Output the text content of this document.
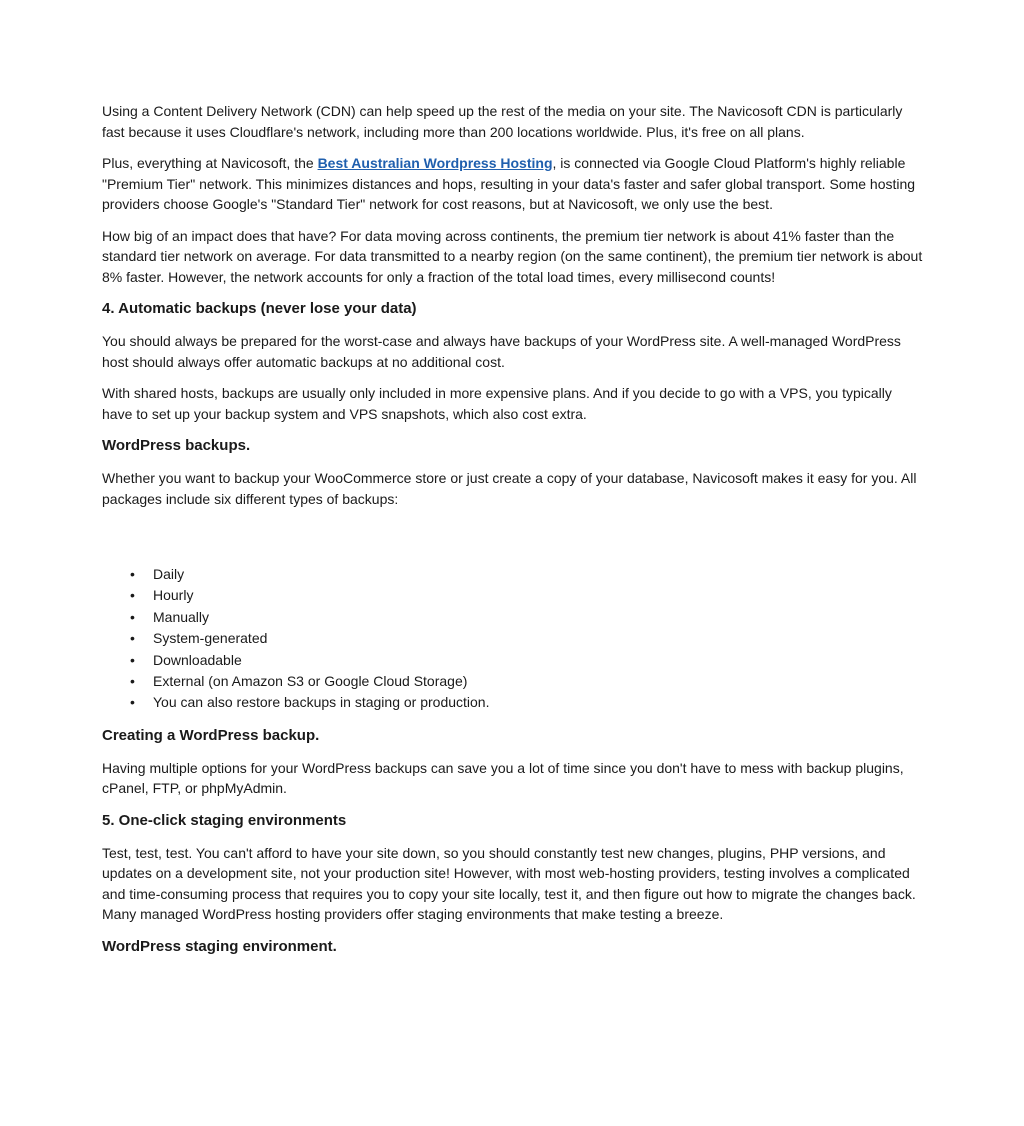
Using a Content Delivery Network (CDN) can help speed up the rest of the media on your site. The Navicosoft CDN is particularly fast because it uses Cloudflare's network, including more than 200 locations worldwide. Plus, it's free on all plans.

Plus, everything at Navicosoft, the Best Australian Wordpress Hosting, is connected via Google Cloud Platform's highly reliable "Premium Tier" network. This minimizes distances and hops, resulting in your data's faster and safer global transport. Some hosting providers choose Google's "Standard Tier" network for cost reasons, but at Navicosoft, we only use the best.

How big of an impact does that have? For data moving across continents, the premium tier network is about 41% faster than the standard tier network on average. For data transmitted to a nearby region (on the same continent), the premium tier network is about 8% faster. However, the network accounts for only a fraction of the total load times, every millisecond counts!

4. Automatic backups (never lose your data)

You should always be prepared for the worst-case and always have backups of your WordPress site. A well-managed WordPress host should always offer automatic backups at no additional cost.

With shared hosts, backups are usually only included in more expensive plans. And if you decide to go with a VPS, you typically have to set up your backup system and VPS snapshots, which also cost extra.

WordPress backups.

Whether you want to backup your WooCommerce store or just create a copy of your database, Navicosoft makes it easy for you. All packages include six different types of backups:

• Daily
• Hourly
• Manually
• System-generated
• Downloadable
• External (on Amazon S3 or Google Cloud Storage)
• You can also restore backups in staging or production.
Creating a WordPress backup.

Having multiple options for your WordPress backups can save you a lot of time since you don't have to mess with backup plugins, cPanel, FTP, or phpMyAdmin.

5. One-click staging environments

Test, test, test. You can't afford to have your site down, so you should constantly test new changes, plugins, PHP versions, and updates on a development site, not your production site! However, with most web-hosting providers, testing involves a complicated and time-consuming process that requires you to copy your site locally, test it, and then figure out how to migrate the changes back. Many managed WordPress hosting providers offer staging environments that make testing a breeze.

WordPress staging environment.
